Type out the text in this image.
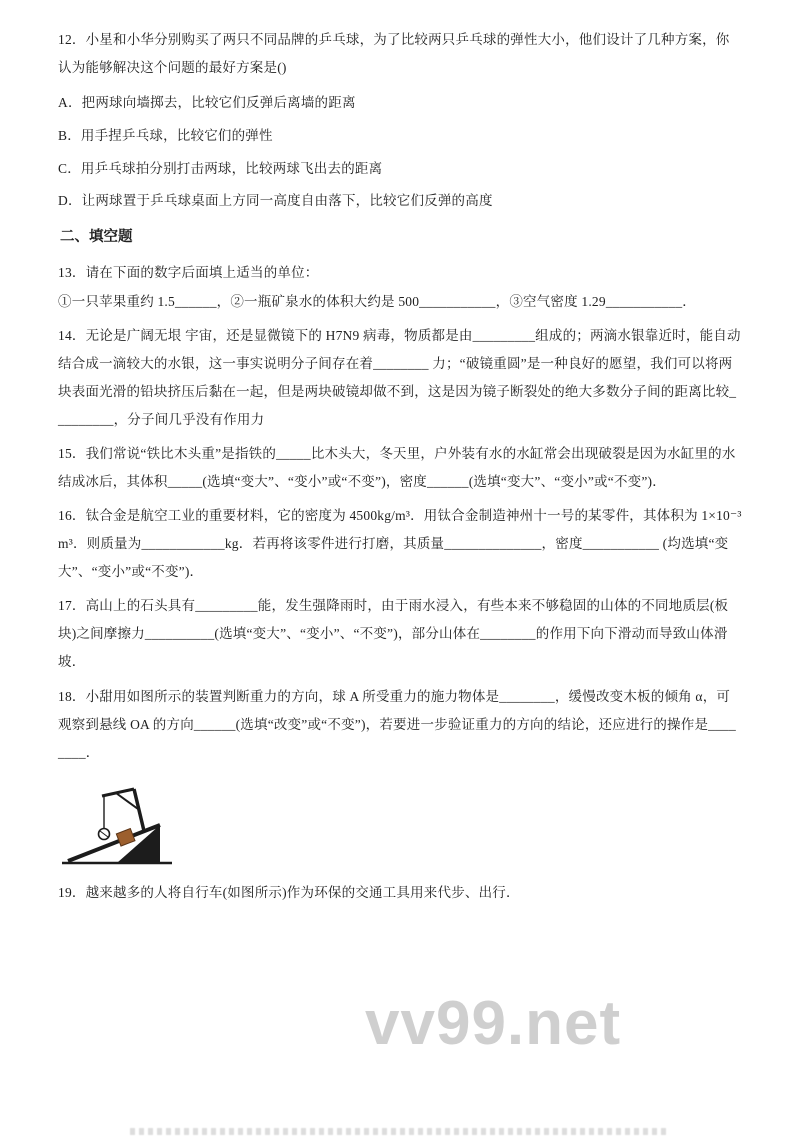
12．小星和小华分别购买了两只不同品牌的乒乓球，为了比较两只乒乓球的弹性大小，他们设计了几种方案，你认为能够解决这个问题的最好方案是()

A．把两球向墙掷去，比较它们反弹后离墙的距离

B．用手捏乒乓球，比较它们的弹性

C．用乒乓球拍分别打击两球，比较两球飞出去的距离

D．让两球置于乒乓球桌面上方同一高度自由落下，比较它们反弹的高度

二、填空题

13．请在下面的数字后面填上适当的单位：

①一只苹果重约 1.5______，②一瓶矿泉水的体积大约是 500___________，③空气密度 1.29___________．

14．无论是广阔无垠 宇宙，还是显微镜下的 H7N9 病毒，物质都是由_________组成的；两滴水银靠近时，能自动结合成一滴较大的水银，这一事实说明分子间存在着________ 力；“破镜重圆”是一种良好的愿望，我们可以将两块表面光滑的铅块挤压后黏在一起，但是两块破镜却做不到，这是因为镜子断裂处的绝大多数分子间的距离比较_________，分子间几乎没有作用力

15．我们常说“铁比木头重”是指铁的_____比木头大，冬天里，户外装有水的水缸常会出现破裂是因为水缸里的水结成冰后，其体积_____(选填“变大”、“变小”或“不变”)，密度______(选填“变大”、“变小”或“不变”)．

16．钛合金是航空工业的重要材料，它的密度为 4500kg/m³．用钛合金制造神州十一号的某零件，其体积为 1×10⁻³m³．则质量为____________kg．若再将该零件进行打磨，其质量______________，密度___________ (均选填“变大”、“变小”或“不变”)．

17．高山上的石头具有_________能，发生强降雨时，由于雨水浸入，有些本来不够稳固的山体的不同地质层(板块)之间摩擦力__________(选填“变大”、“变小”、“不变”)，部分山体在________的作用下向下滑动而导致山体滑坡．

18．小甜用如图所示的装置判断重力的方向，球 A 所受重力的施力物体是________，缓慢改变木板的倾角 α，可观察到悬线 OA 的方向______(选填“改变”或“不变”)，若要进一步验证重力的方向的结论，还应进行的操作是________．

19．越来越多的人将自行车(如图所示)作为环保的交通工具用来代步、出行．

vv99.net
